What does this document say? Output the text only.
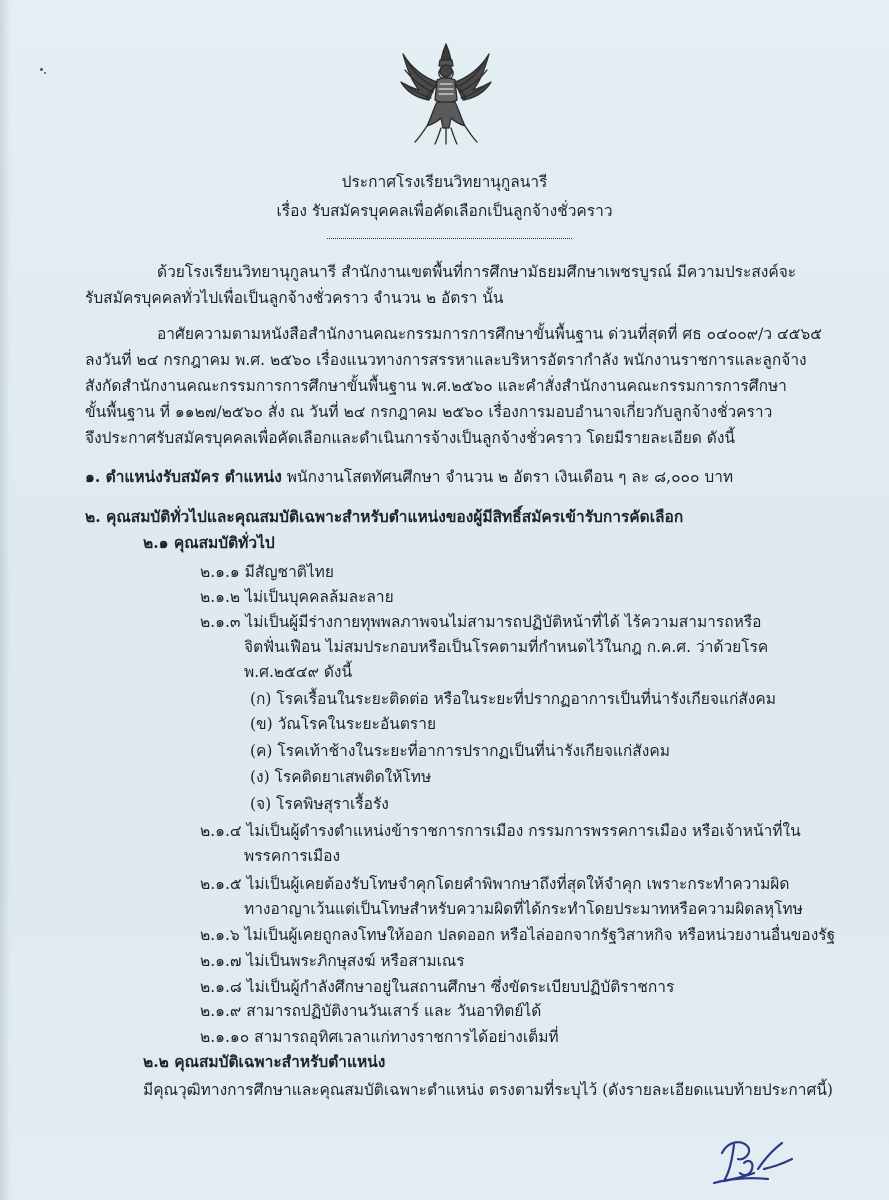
ประกาศโรงเรียนวิทยานุกูลนารี
เรื่อง รับสมัครบุคคลเพื่อคัดเลือกเป็นลูกจ้างชั่วคราว
ด้วยโรงเรียนวิทยานุกูลนารี สำนักงานเขตพื้นที่การศึกษามัธยมศึกษาเพชรบูรณ์ มีความประสงค์จะ
รับสมัครบุคคลทั่วไปเพื่อเป็นลูกจ้างชั่วคราว จำนวน ๒ อัตรา นั้น
อาศัยความตามหนังสือสำนักงานคณะกรรมการการศึกษาขั้นพื้นฐาน ด่วนที่สุดที่ ศธ ๐๔๐๐๙/ว ๔๕๖๕
ลงวันที่ ๒๔ กรกฎาคม พ.ศ. ๒๕๖๐ เรื่องแนวทางการสรรหาและบริหารอัตรากำลัง พนักงานราชการและลูกจ้าง
สังกัดสำนักงานคณะกรรมการการศึกษาขั้นพื้นฐาน พ.ศ.๒๕๖๐ และคำสั่งสำนักงานคณะกรรมการการศึกษา
ขั้นพื้นฐาน ที่ ๑๑๒๗/๒๕๖๐ สั่ง ณ วันที่ ๒๔ กรกฎาคม ๒๕๖๐ เรื่องการมอบอำนาจเกี่ยวกับลูกจ้างชั่วคราว
จึงประกาศรับสมัครบุคคลเพื่อคัดเลือกและดำเนินการจ้างเป็นลูกจ้างชั่วคราว โดยมีรายละเอียด ดังนี้
๑. ตำแหน่งรับสมัคร ตำแหน่ง พนักงานโสตทัศนศึกษา จำนวน ๒ อัตรา เงินเดือน ๆ ละ ๘,๐๐๐ บาท
๒. คุณสมบัติทั่วไปและคุณสมบัติเฉพาะสำหรับตำแหน่งของผู้มีสิทธิ์สมัครเข้ารับการคัดเลือก
๒.๑ คุณสมบัติทั่วไป
๒.๑.๑ มีสัญชาติไทย
๒.๑.๒ ไม่เป็นบุคคลล้มละลาย
๒.๑.๓ ไม่เป็นผู้มีร่างกายทุพพลภาพจนไม่สามารถปฏิบัติหน้าที่ได้ ไร้ความสามารถหรือ
จิตฟั่นเฟือน ไม่สมประกอบหรือเป็นโรคตามที่กำหนดไว้ในกฎ ก.ค.ศ. ว่าด้วยโรค
พ.ศ.๒๕๔๙ ดังนี้
(ก) โรคเรื้อนในระยะติดต่อ หรือในระยะที่ปรากฏอาการเป็นที่น่ารังเกียจแก่สังคม
(ข) วัณโรคในระยะอันตราย
(ค) โรคเท้าช้างในระยะที่อาการปรากฏเป็นที่น่ารังเกียจแก่สังคม
(ง) โรคติดยาเสพติดให้โทษ
(จ) โรคพิษสุราเรื้อรัง
๒.๑.๔ ไม่เป็นผู้ดำรงตำแหน่งข้าราชการการเมือง กรรมการพรรคการเมือง หรือเจ้าหน้าที่ใน
พรรคการเมือง
๒.๑.๕ ไม่เป็นผู้เคยต้องรับโทษจำคุกโดยคำพิพากษาถึงที่สุดให้จำคุก เพราะกระทำความผิด
ทางอาญาเว้นแต่เป็นโทษสำหรับความผิดที่ได้กระทำโดยประมาทหรือความผิดลหุโทษ
๒.๑.๖ ไม่เป็นผู้เคยถูกลงโทษให้ออก ปลดออก หรือไล่ออกจากรัฐวิสาหกิจ หรือหน่วยงานอื่นของรัฐ
๒.๑.๗ ไม่เป็นพระภิกษุสงฆ์ หรือสามเณร
๒.๑.๘ ไม่เป็นผู้กำลังศึกษาอยู่ในสถานศึกษา ซึ่งขัดระเบียบปฏิบัติราชการ
๒.๑.๙ สามารถปฏิบัติงานวันเสาร์ และ วันอาทิตย์ได้
๒.๑.๑๐ สามารถอุทิศเวลาแก่ทางราชการได้อย่างเต็มที่
๒.๒ คุณสมบัติเฉพาะสำหรับตำแหน่ง
มีคุณวุฒิทางการศึกษาและคุณสมบัติเฉพาะตำแหน่ง ตรงตามที่ระบุไว้ (ดังรายละเอียดแนบท้ายประกาศนี้)
